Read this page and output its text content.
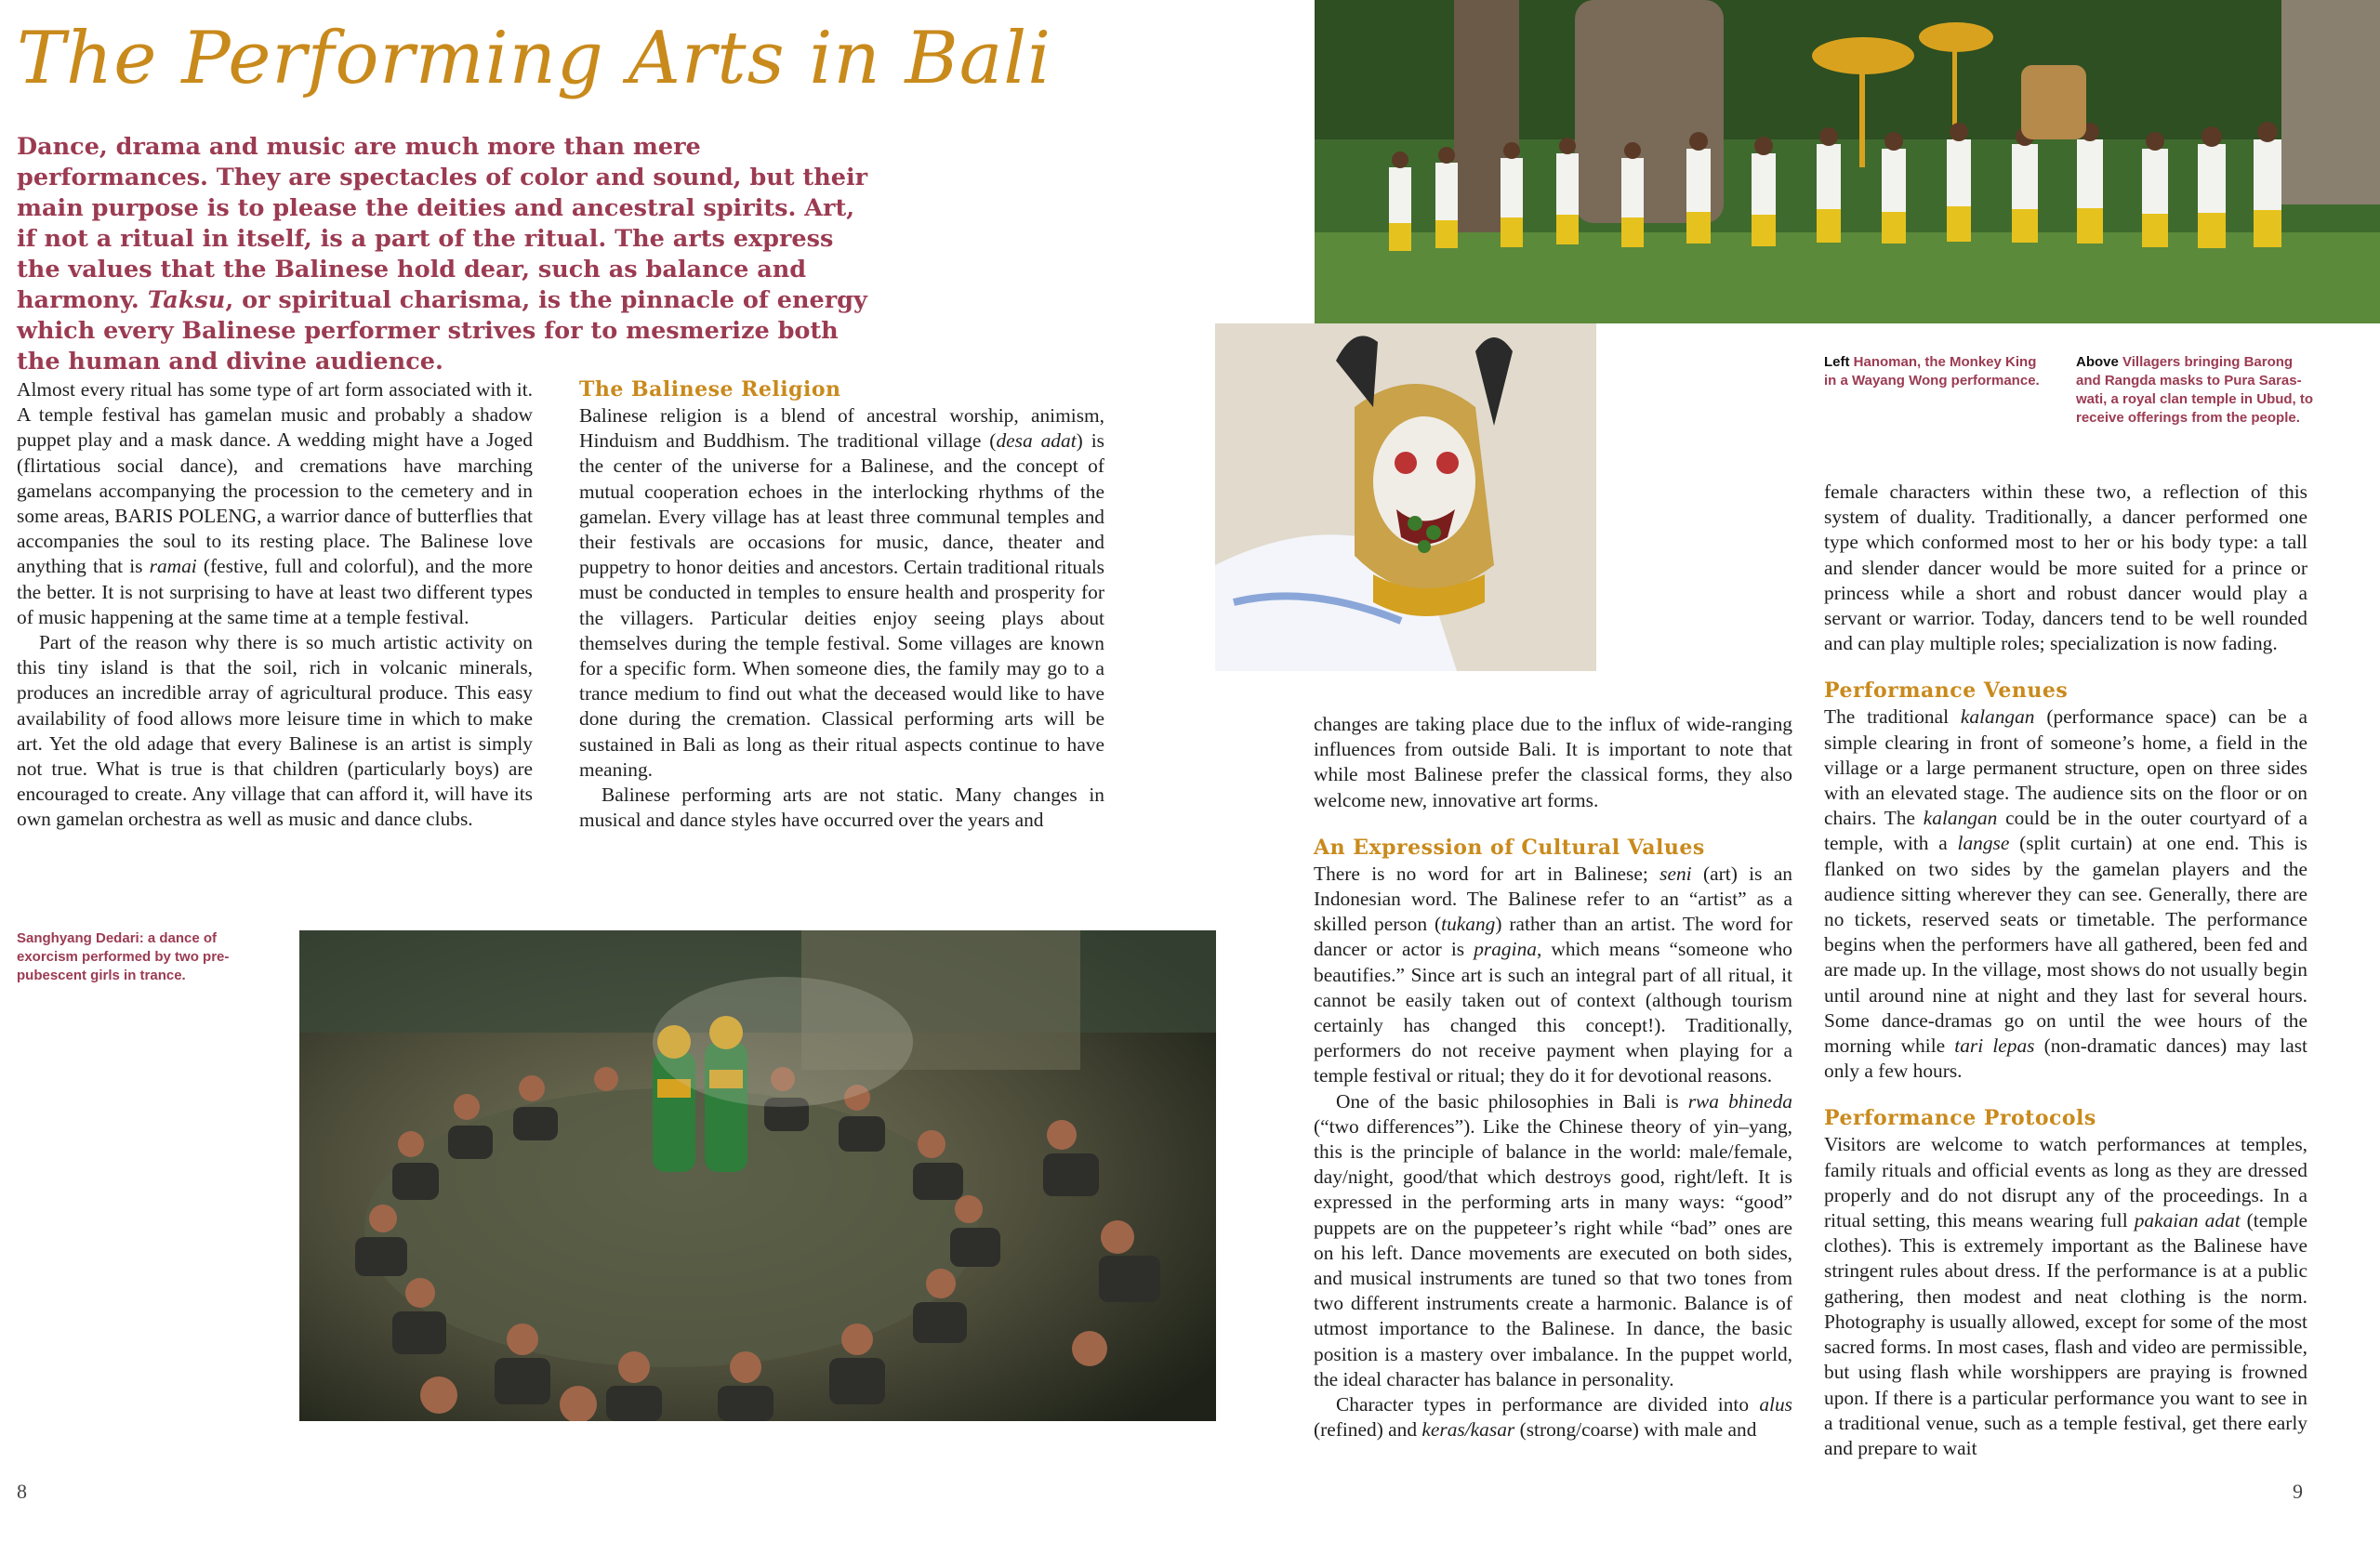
The Performing Arts in Bali
Dance, drama and music are much more than mere performances. They are spectacles of color and sound, but their main purpose is to please the deities and ancestral spirits. Art, if not a ritual in itself, is a part of the ritual. The arts express the values that the Balinese hold dear, such as balance and harmony. Taksu, or spiritual charisma, is the pinnacle of energy which every Balinese performer strives for to mesmerize both the human and divine audience.

Almost every ritual has some type of art form associated with it. A temple festival has gamelan music and probably a shadow puppet play and a mask dance. A wedding might have a Joged (flirtatious social dance), and cremations have marching gamelans accompanying the procession to the cemetery and in some areas, BARIS POLENG, a warrior dance of butterflies that accompanies the soul to its resting place. The Balinese love anything that is ramai (festive, full and colorful), and the more the better. It is not surprising to have at least two different types of music happening at the same time at a temple festival.

Part of the reason why there is so much artistic activity on this tiny island is that the soil, rich in volcanic minerals, produces an incredible array of agricultural produce. This easy availability of food allows more leisure time in which to make art. Yet the old adage that every Balinese is an artist is simply not true. What is true is that children (particularly boys) are encouraged to create. Any village that can afford it, will have its own gamelan orchestra as well as music and dance clubs.

The Balinese Religion

Balinese religion is a blend of ancestral worship, animism, Hinduism and Buddhism. The traditional village (desa adat) is the center of the universe for a Balinese, and the concept of mutual cooperation echoes in the interlocking rhythms of the gamelan. Every village has at least three communal temples and their festivals are occasions for music, dance, theater and puppetry to honor deities and ancestors. Certain traditional rituals must be conducted in temples to ensure health and prosperity for the villagers. Particular deities enjoy seeing plays about themselves during the temple festival. Some villages are known for a specific form. When someone dies, the family may go to a trance medium to find out what the deceased would like to have done during the cremation. Classical performing arts will be sustained in Bali as long as their ritual aspects continue to have meaning.

Balinese performing arts are not static. Many changes in musical and dance styles have occurred over the years and

Sanghyang Dedari: a dance of exorcism performed by two pre-pubescent girls in trance.
8
Left Hanoman, the Monkey King in a Wayang Wong performance.
Above Villagers bringing Barong and Rangda masks to Pura Saras-wati, a royal clan temple in Ubud, to receive offerings from the people.

changes are taking place due to the influx of wide-ranging influences from outside Bali. It is important to note that while most Balinese prefer the classical forms, they also welcome new, innovative art forms.

An Expression of Cultural Values

There is no word for art in Balinese; seni (art) is an Indonesian word. The Balinese refer to an “artist” as a skilled person (tukang) rather than an artist. The word for dancer or actor is pragina, which means “someone who beautifies.” Since art is such an integral part of all ritual, it cannot be easily taken out of context (although tourism certainly has changed this concept!). Traditionally, performers do not receive payment when playing for a temple festival or ritual; they do it for devotional reasons.

One of the basic philosophies in Bali is rwa bhineda (“two differences”). Like the Chinese theory of yin–yang, this is the principle of balance in the world: male/female, day/night, good/that which destroys good, right/left. It is expressed in the performing arts in many ways: “good” puppets are on the puppeteer’s right while “bad” ones are on his left. Dance movements are executed on both sides, and musical instruments are tuned so that two tones from two different instruments create a harmonic. Balance is of utmost importance to the Balinese. In dance, the basic position is a mastery over imbalance. In the puppet world, the ideal character has balance in personality.

Character types in performance are divided into alus (refined) and keras/kasar (strong/coarse) with male and

female characters within these two, a reflection of this system of duality. Traditionally, a dancer performed one type which conformed most to her or his body type: a tall and slender dancer would be more suited for a prince or princess while a short and robust dancer would play a servant or warrior. Today, dancers tend to be well rounded and can play multiple roles; specialization is now fading.

Performance Venues

The traditional kalangan (performance space) can be a simple clearing in front of someone’s home, a field in the village or a large permanent structure, open on three sides with an elevated stage. The audience sits on the floor or on chairs. The kalangan could be in the outer courtyard of a temple, with a langse (split curtain) at one end. This is flanked on two sides by the gamelan players and the audience sitting wherever they can see. Generally, there are no tickets, reserved seats or timetable. The performance begins when the performers have all gathered, been fed and are made up. In the village, most shows do not usually begin until around nine at night and they last for several hours. Some dance-dramas go on until the wee hours of the morning while tari lepas (non-dramatic dances) may last only a few hours.

Performance Protocols

Visitors are welcome to watch performances at temples, family rituals and official events as long as they are dressed properly and do not disrupt any of the proceedings. In a ritual setting, this means wearing full pakaian adat (temple clothes). This is extremely important as the Balinese have stringent rules about dress. If the performance is at a public gathering, then modest and neat clothing is the norm. Photography is usually allowed, except for some of the most sacred forms. In most cases, flash and video are permissible, but using flash while worshippers are praying is frowned upon. If there is a particular performance you want to see in a traditional venue, such as a temple festival, get there early and prepare to wait

9
